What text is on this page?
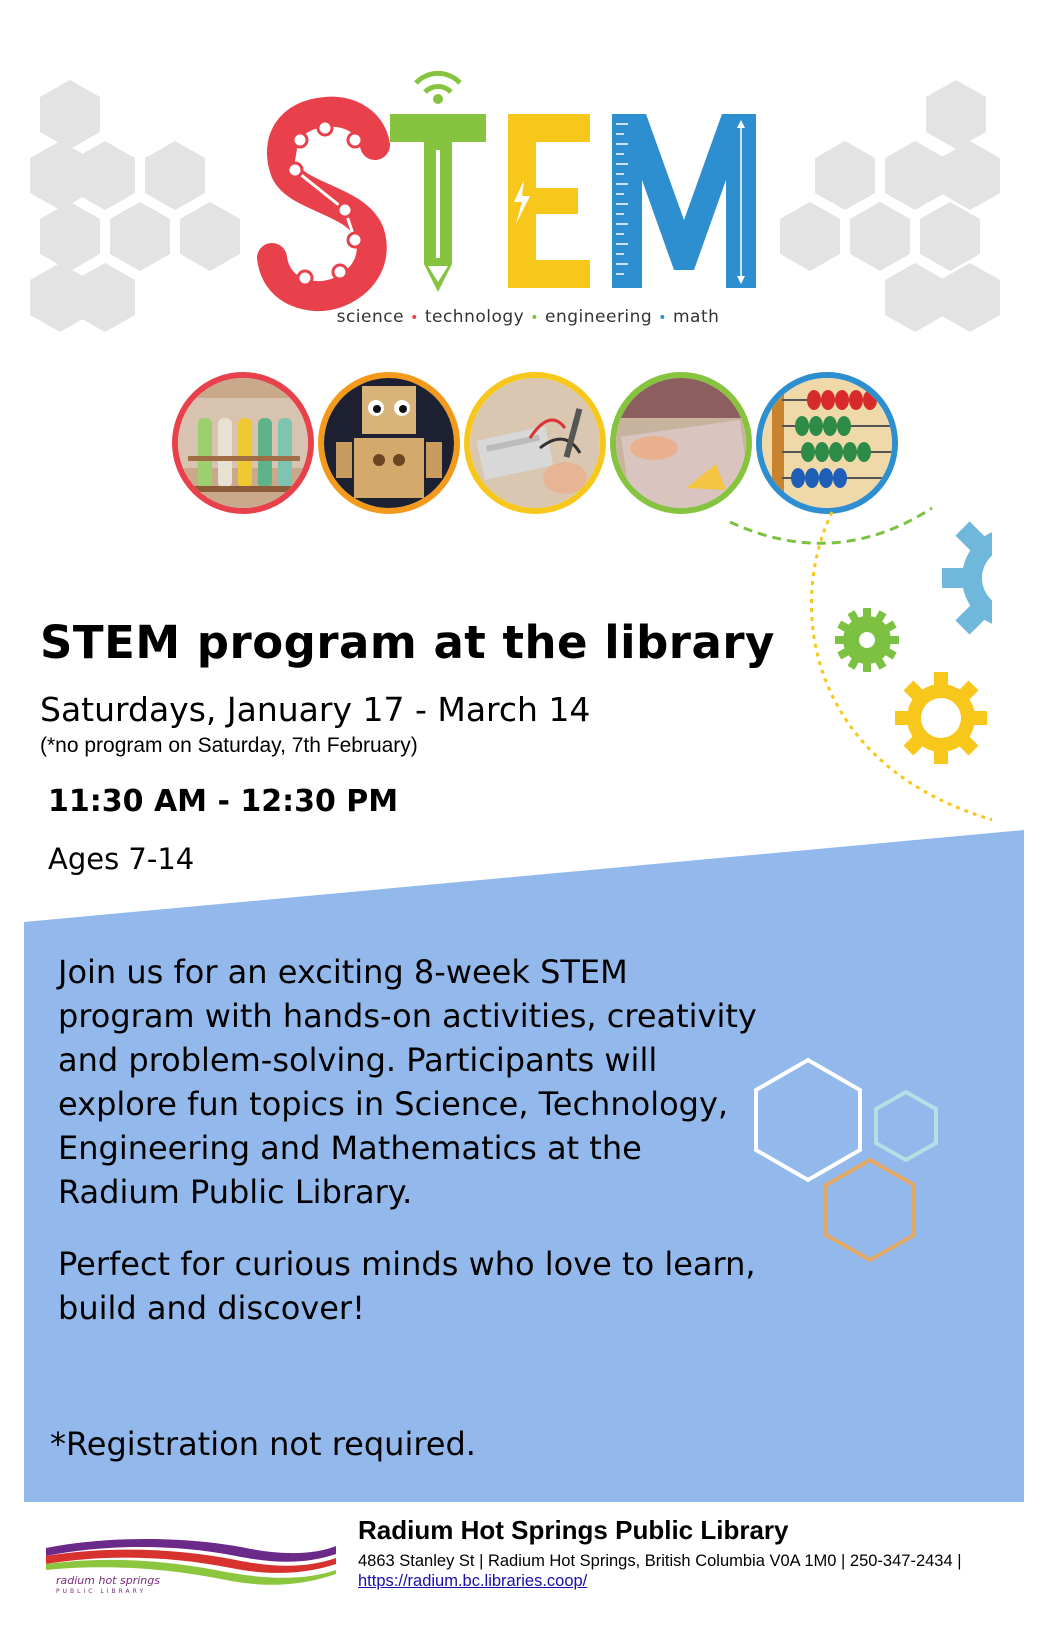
science • technology • engineering • math
STEM program at the library
Saturdays, January 17 - March 14
(*no program on Saturday, 7th February)
11:30 AM - 12:30 PM
Ages 7-14

Join us for an exciting 8-week STEM program with hands-on activities, creativity and problem-solving. Participants will explore fun topics in Science, Technology, Engineering and Mathematics at the Radium Public Library.

Perfect for curious minds who love to learn, build and discover!

*Registration not required.
radium hot springs
PUBLIC LIBRARY
Radium Hot Springs Public Library
4863 Stanley St | Radium Hot Springs, British Columbia V0A 1M0 | 250-347-2434 |
https://radium.bc.libraries.coop/
